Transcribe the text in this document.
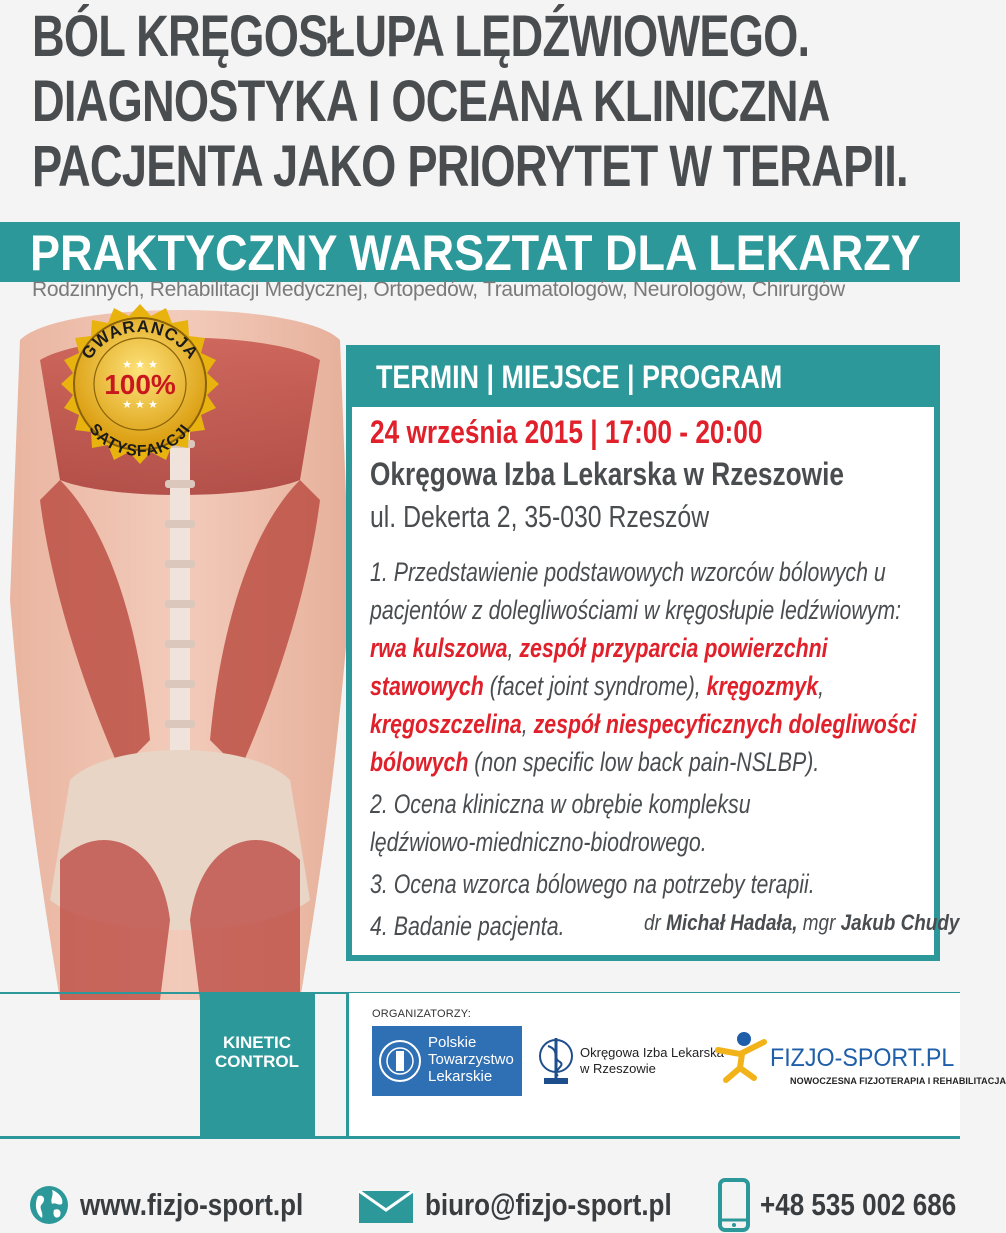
BÓL KRĘGOSŁUPA LĘDŹWIOWEGO.
DIAGNOSTYKA I OCEANA KLINICZNA
PACJENTA JAKO PRIORYTET W TERAPII.
PRAKTYCZNY WARSZTAT DLA LEKARZY
Rodzinnych, Rehabilitacji Medycznej, Ortopedów, Traumatologów, Neurologów, Chirurgów
GWARANCJA
SATYSFAKCJI
★ ★ ★
★ ★ ★
100%	TERMIN | MIEJSCE | PROGRAM
24 września 2015 | 17:00 - 20:00
Okręgowa Izba Lekarska w Rzeszowie
ul. Dekerta 2, 35-030 Rzeszów

1. Przedstawienie podstawowych wzorców bólowych u

pacjentów z dolegliwościami w kręgosłupie ledźwiowym:

rwa kulszowa, zespół przyparcia powierzchni

stawowych (facet joint syndrome), kręgozmyk,

kręgoszczelina, zespół niespecyficznych dolegliwości

bólowych (non specific low back pain-NSLBP).

2. Ocena kliniczna w obrębie kompleksu

lędźwiowo-miedniczno-biodrowego.

3. Ocena wzorca bólowego na potrzeby terapii.

4. Badanie pacjenta.	dr Michał Hadała, mgr Jakub Chudy
KINETIC
CONTROL
ORGANIZATORZY:
Polskie
Towarzystwo
Lekarskie
Okręgowa Izba Lekarska
w Rzeszowie	FIZJO-SPORT.PL
NOWOCZESNA FIZJOTERAPIA I REHABILITACJA
www.fizjo-sport.pl	biuro@fizjo-sport.pl	+48 535 002 686
